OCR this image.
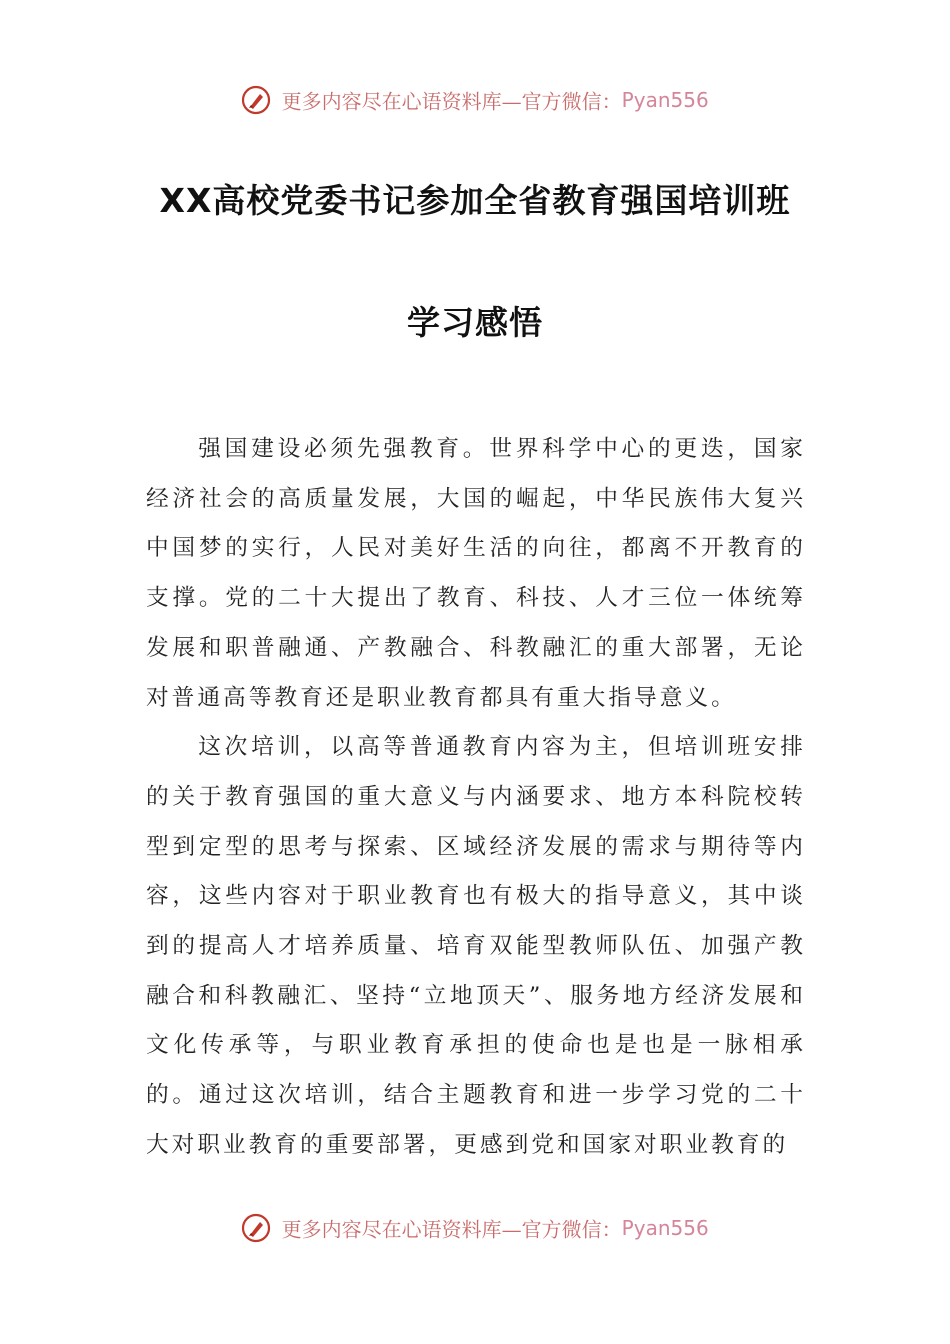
更多内容尽在心语资料库—官方微信：Pyan556
XX高校党委书记参加全省教育强国培训班
学习感悟

强国建设必须先强教育。世界科学中心的更迭，国家经济社会的高质量发展，大国的崛起，中华民族伟大复兴中国梦的实行，人民对美好生活的向往，都离不开教育的支撑。党的二十大提出了教育、科技、人才三位一体统筹发展和职普融通、产教融合、科教融汇的重大部署，无论对普通高等教育还是职业教育都具有重大指导意义。

这次培训，以高等普通教育内容为主，但培训班安排的关于教育强国的重大意义与内涵要求、地方本科院校转型到定型的思考与探索、区域经济发展的需求与期待等内容，这些内容对于职业教育也有极大的指导意义，其中谈到的提高人才培养质量、培育双能型教师队伍、加强产教融合和科教融汇、坚持“立地顶天”、服务地方经济发展和文化传承等，与职业教育承担的使命也是也是一脉相承的。通过这次培训，结合主题教育和进一步学习党的二十大对职业教育的重要部署，更感到党和国家对职业教育的

更多内容尽在心语资料库—官方微信：Pyan556
